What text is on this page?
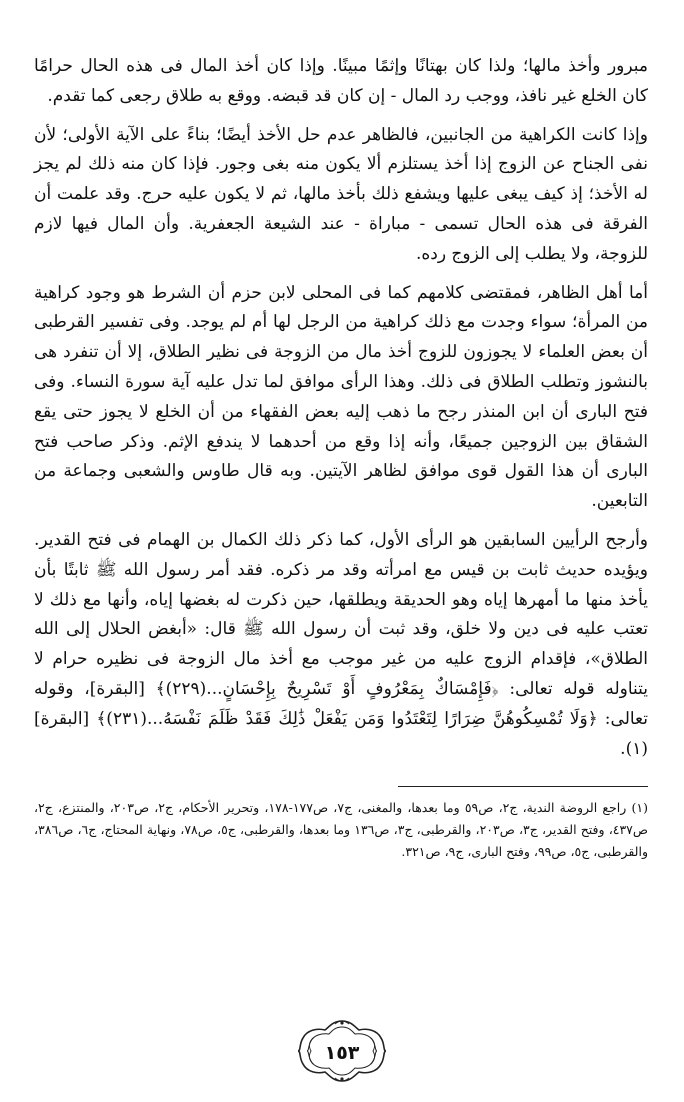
مبرور وأخذ مالها؛ ولذا كان بهتانًا وإثمًا مبينًا. وإذا كان أخذ المال فى هذه الحال حرامًا كان الخلع غير نافذ، ووجب رد المال - إن كان قد قبضه. ووقع به طلاق رجعى كما تقدم.

وإذا كانت الكراهية من الجانبين، فالظاهر عدم حل الأخذ أيضًا؛ بناءً على الآية الأولى؛ لأن نفى الجناح عن الزوج إذا أخذ يستلزم ألا يكون منه بغى وجور. فإذا كان منه ذلك لم يجز له الأخذ؛ إذ كيف يبغى عليها ويشفع ذلك بأخذ مالها، ثم لا يكون عليه حرج. وقد علمت أن الفرقة فى هذه الحال تسمى - مباراة - عند الشيعة الجعفرية. وأن المال فيها لازم للزوجة، ولا يطلب إلى الزوج رده.

أما أهل الظاهر، فمقتضى كلامهم كما فى المحلى لابن حزم أن الشرط هو وجود كراهية من المرأة؛ سواء وجدت مع ذلك كراهية من الرجل لها أم لم يوجد. وفى تفسير القرطبى أن بعض العلماء لا يجوزون للزوج أخذ مال من الزوجة فى نظير الطلاق، إلا أن تنفرد هى بالنشوز وتطلب الطلاق فى ذلك. وهذا الرأى موافق لما تدل عليه آية سورة النساء. وفى فتح البارى أن ابن المنذر رجح ما ذهب إليه بعض الفقهاء من أن الخلع لا يجوز حتى يقع الشقاق بين الزوجين جميعًا، وأنه إذا وقع من أحدهما لا يندفع الإثم. وذكر صاحب فتح البارى أن هذا القول قوى موافق لظاهر الآيتين. وبه قال طاوس والشعبى وجماعة من التابعين.

وأرجح الرأيين السابقين هو الرأى الأول، كما ذكر ذلك الكمال بن الهمام فى فتح القدير. ويؤيده حديث ثابت بن قيس مع امرأته وقد مر ذكره. فقد أمر رسول الله ﷺ ثابتًا بأن يأخذ منها ما أمهرها إياه وهو الحديقة ويطلقها، حين ذكرت له بغضها إياه، وأنها مع ذلك لا تعتب عليه فى دين ولا خلق، وقد ثبت أن رسول الله ﷺ قال: «أبغض الحلال إلى الله الطلاق»، فإقدام الزوج عليه من غير موجب مع أخذ مال الزوجة فى نظيره حرام لا يتناوله قوله تعالى: ﴿فَإِمْسَاكٌ بِمَعْرُوفٍ أَوْ تَسْرِيحٌ بِإِحْسَانٍ...(٢٢٩)﴾ [البقرة]، وقوله تعالى: ﴿وَلَا تُمْسِكُوهُنَّ ضِرَارًا لِتَعْتَدُوا وَمَن يَفْعَلْ ذَٰلِكَ فَقَدْ ظَلَمَ نَفْسَهُ...(٢٣١)﴾ [البقرة](١).

(١) راجع الروضة الندية، ج٢، ص٥٩ وما بعدها، والمغنى، ج٧، ص١٧٧-١٧٨، وتحرير الأحكام، ج٢، ص٢٠٣، والمنتزع، ج٢، ص٤٣٧، وفتح القدير، ج٣، ص٢٠٣، والقرطبى، ج٣، ص١٣٦ وما بعدها، والقرطبى، ج٥، ص٧٨، ونهاية المحتاج، ج٦، ص٣٨٦، والقرطبى، ج٥، ص٩٩، وفتح البارى، ج٩، ص٣٢١.

١٥٣
